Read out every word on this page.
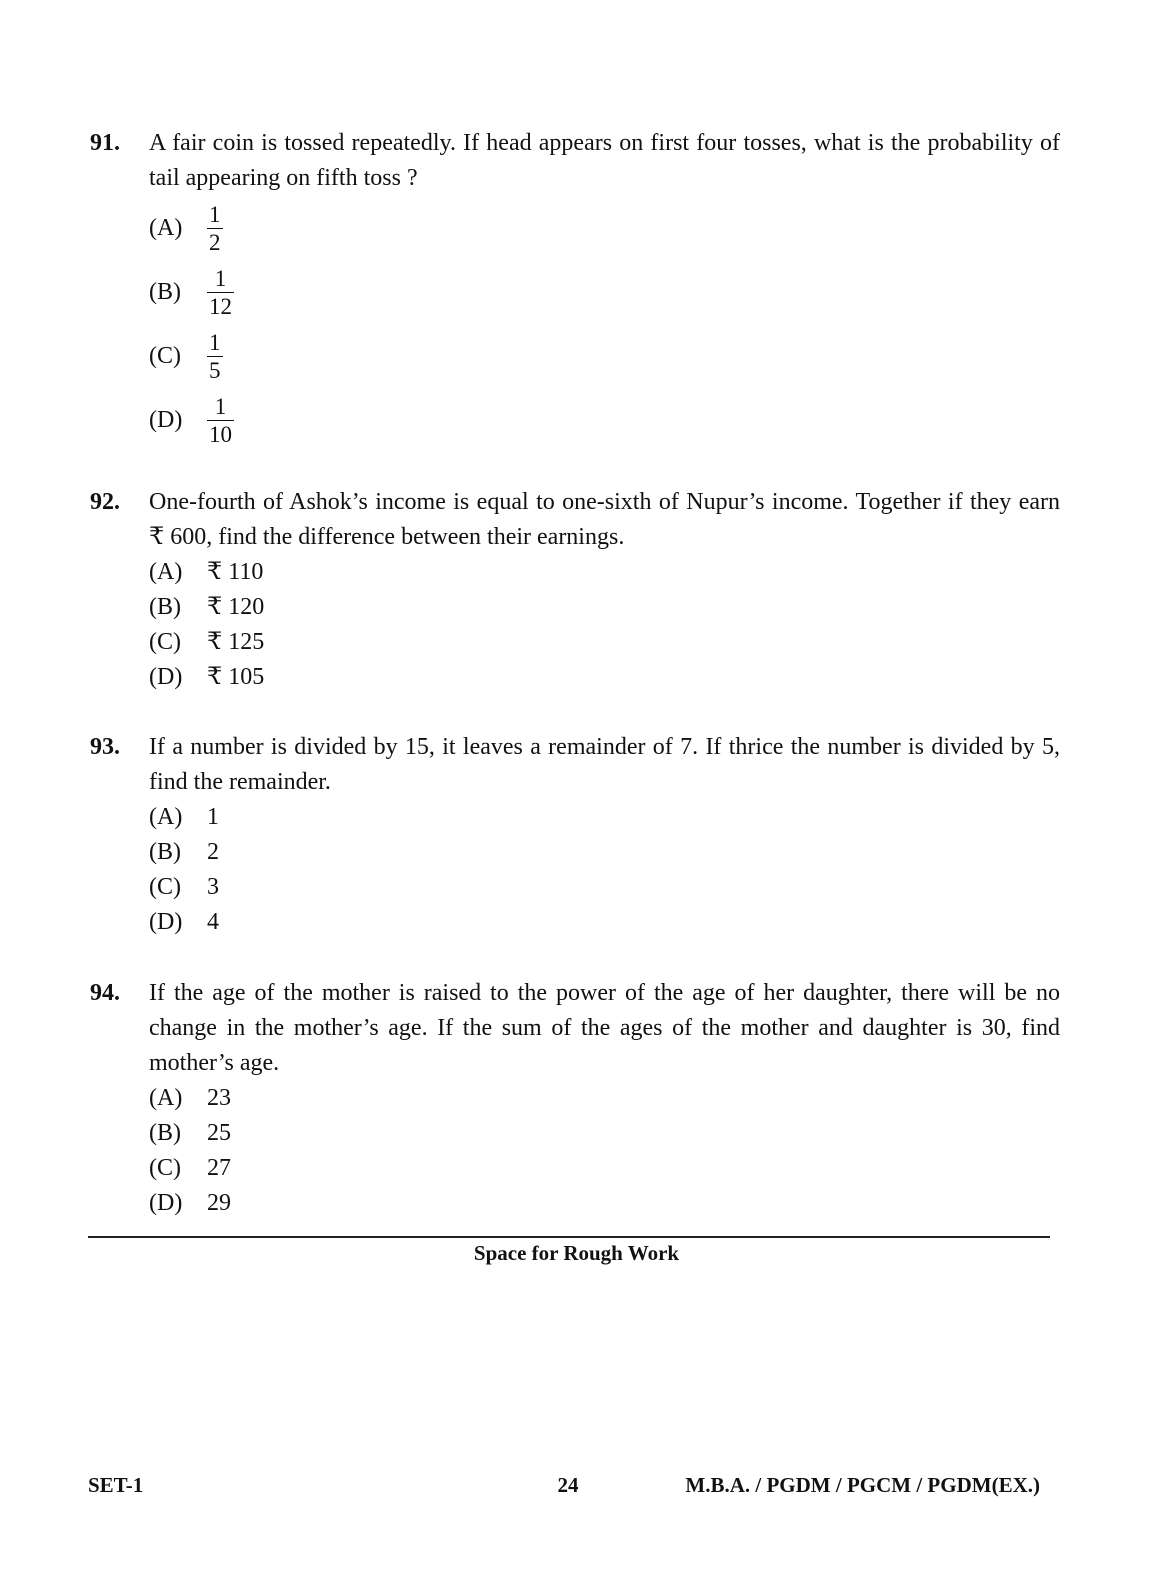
91. A fair coin is tossed repeatedly. If head appears on first four tosses, what is the probability of tail appearing on fifth toss ?
(A)	$\frac{1}{2}$
(B)	$\frac{1}{12}$
(C)	$\frac{1}{5}$
(D)	$\frac{1}{10}$
92. One-fourth of Ashok’s income is equal to one-sixth of Nupur’s income. Together if they earn ₹ 600, find the difference between their earnings.
(A)	₹ 110
(B)	₹ 120
(C)	₹ 125
(D)	₹ 105
93. If a number is divided by 15, it leaves a remainder of 7. If thrice the number is divided by 5, find the remainder.
(A)	1
(B)	2
(C)	3
(D)	4
94. If the age of the mother is raised to the power of the age of her daughter, there will be no change in the mother’s age. If the sum of the ages of the mother and daughter is 30, find mother’s age.
(A)	23
(B)	25
(C)	27
(D)	29
Space for Rough Work
SET-1	24	M.B.A. / PGDM / PGCM / PGDM(EX.)
